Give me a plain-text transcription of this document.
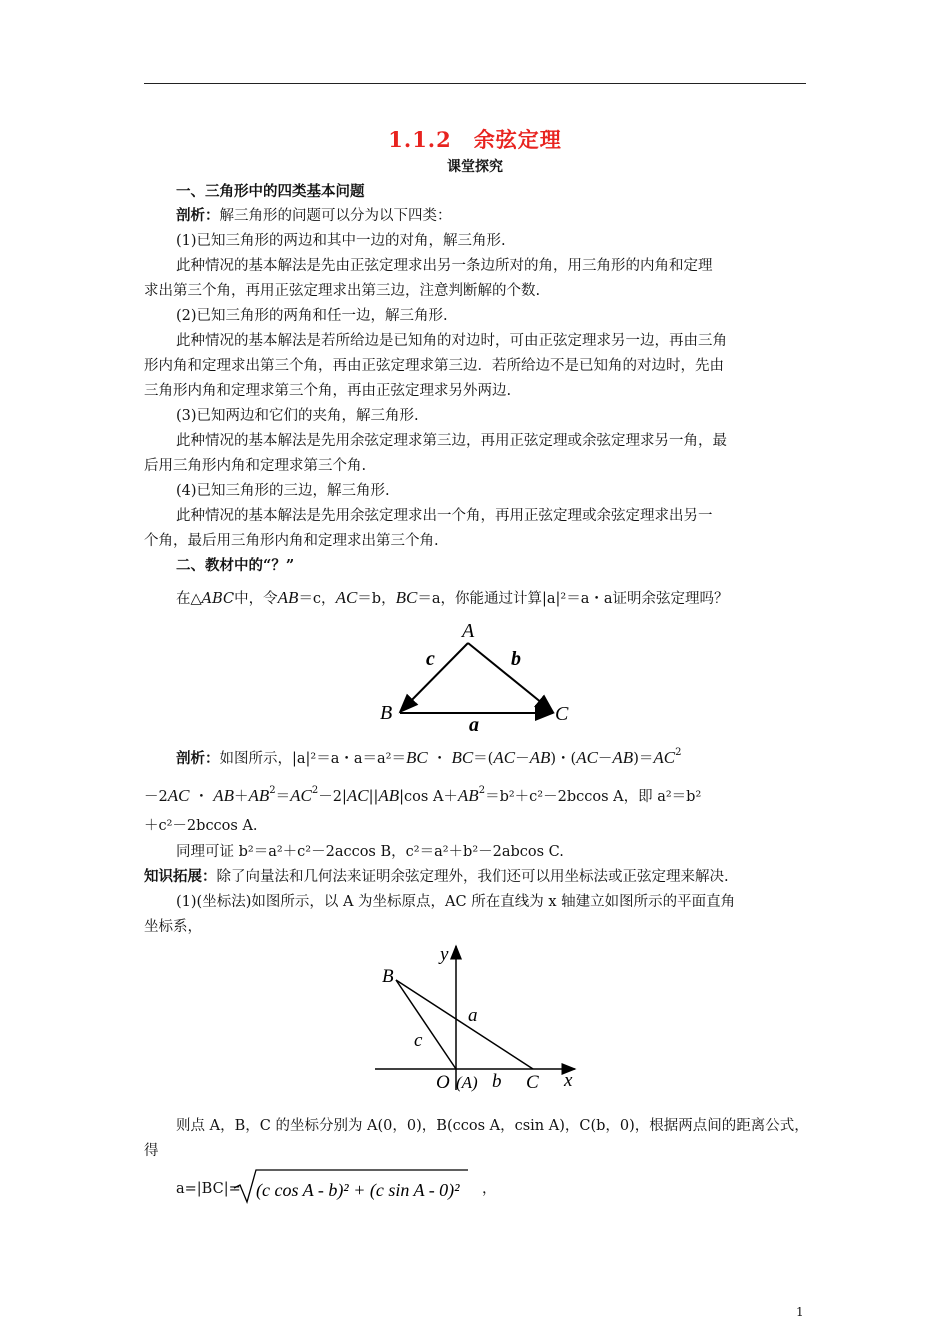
1.1.2　余弦定理
课堂探究
一、三角形中的四类基本问题
剖析：解三角形的问题可以分为以下四类：
(1)已知三角形的两边和其中一边的对角，解三角形.
此种情况的基本解法是先由正弦定理求出另一条边所对的角，用三角形的内角和定理
求出第三个角，再用正弦定理求出第三边，注意判断解的个数.
(2)已知三角形的两角和任一边，解三角形.
此种情况的基本解法是若所给边是已知角的对边时，可由正弦定理求另一边，再由三角
形内角和定理求出第三个角，再由正弦定理求第三边．若所给边不是已知角的对边时，先由
三角形内角和定理求第三个角，再由正弦定理求另外两边.
(3)已知两边和它们的夹角，解三角形.
此种情况的基本解法是先用余弦定理求第三边，再用正弦定理或余弦定理求另一角，最
后用三角形内角和定理求第三个角.
(4)已知三角形的三边，解三角形.
此种情况的基本解法是先用余弦定理求出一个角，再用正弦定理或余弦定理求出另一
个角，最后用三角形内角和定理求出第三个角.
二、教材中的“？”
在△ABC中，令AB＝c，AC＝b，BC＝a，你能通过计算|a|²＝a・a证明余弦定理吗？
A
B	C
c	b
a
剖析：如图所示，|a|²＝a・a＝a²＝BC ・ BC＝(AC－AB)・$(AC-AB)=AC^2$
－2AC ・ $AB+AB^2=AC^2-2|AC||AB|\cos$ $A+AB^2=b^2+c^2-2bccos$ A，即 a²＝b²
＋c²－2bccos A.
同理可证 b²＝a²＋c²－2accos B，c²＝a²＋b²－2abcos C.
知识拓展：除了向量法和几何法来证明余弦定理外，我们还可以用坐标法或正弦定理来解决.
(1)(坐标法)如图所示，以 A 为坐标原点，AC 所在直线为 x 轴建立如图所示的平面直角
坐标系，
B
y
a
c
O (A) b C x
则点 A，B，C 的坐标分别为 A(0，0)，B(ccos A，csin A)，C(b，0)，根据两点间的距离公式，
得
a=|BC|= (c cos A - b)² + (c sin A - 0)² ，
1
